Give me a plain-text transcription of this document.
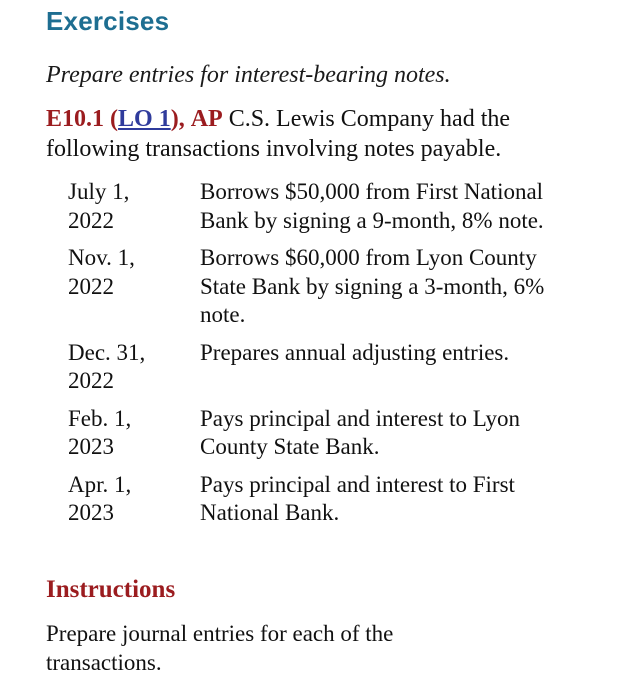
Exercises
Prepare entries for interest-bearing notes.
E10.1 (LO 1), AP C.S. Lewis Company had the following transactions involving notes payable.
July 1,
2022
Borrows $50,000 from First National Bank by signing a 9-month, 8% note.
Nov. 1,
2022
Borrows $60,000 from Lyon County State Bank by signing a 3-month, 6% note.
Dec. 31,
2022
Prepares annual adjusting entries.
Feb. 1,
2023
Pays principal and interest to Lyon County State Bank.
Apr. 1,
2023
Pays principal and interest to First National Bank.
Instructions
Prepare journal entries for each of the transactions.
